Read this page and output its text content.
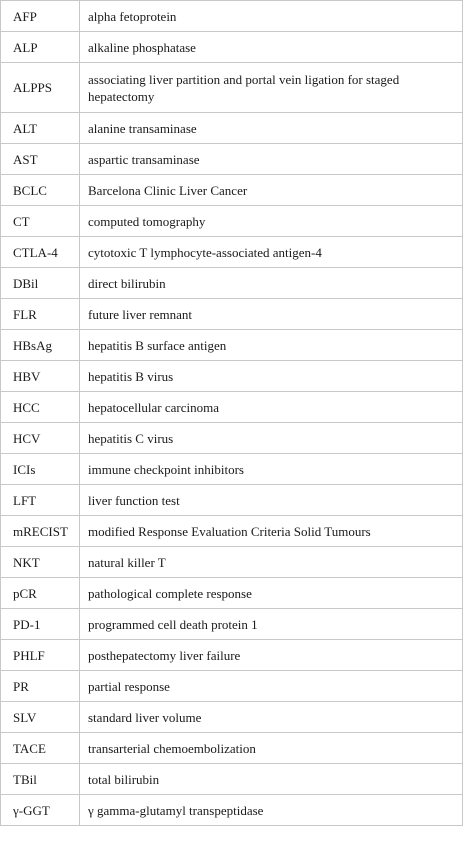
AFP	alpha fetoprotein
ALP	alkaline phosphatase
ALPPS	associating liver partition and portal vein ligation for staged hepatectomy
ALT	alanine transaminase
AST	aspartic transaminase
BCLC	Barcelona Clinic Liver Cancer
CT	computed tomography
CTLA-4	cytotoxic T lymphocyte-associated antigen-4
DBil	direct bilirubin
FLR	future liver remnant
HBsAg	hepatitis B surface antigen
HBV	hepatitis B virus
HCC	hepatocellular carcinoma
HCV	hepatitis C virus
ICIs	immune checkpoint inhibitors
LFT	liver function test
mRECIST	modified Response Evaluation Criteria Solid Tumours
NKT	natural killer T
pCR	pathological complete response
PD-1	programmed cell death protein 1
PHLF	posthepatectomy liver failure
PR	partial response
SLV	standard liver volume
TACE	transarterial chemoembolization
TBil	total bilirubin
γ-GGT	γ gamma-glutamyl transpeptidase
